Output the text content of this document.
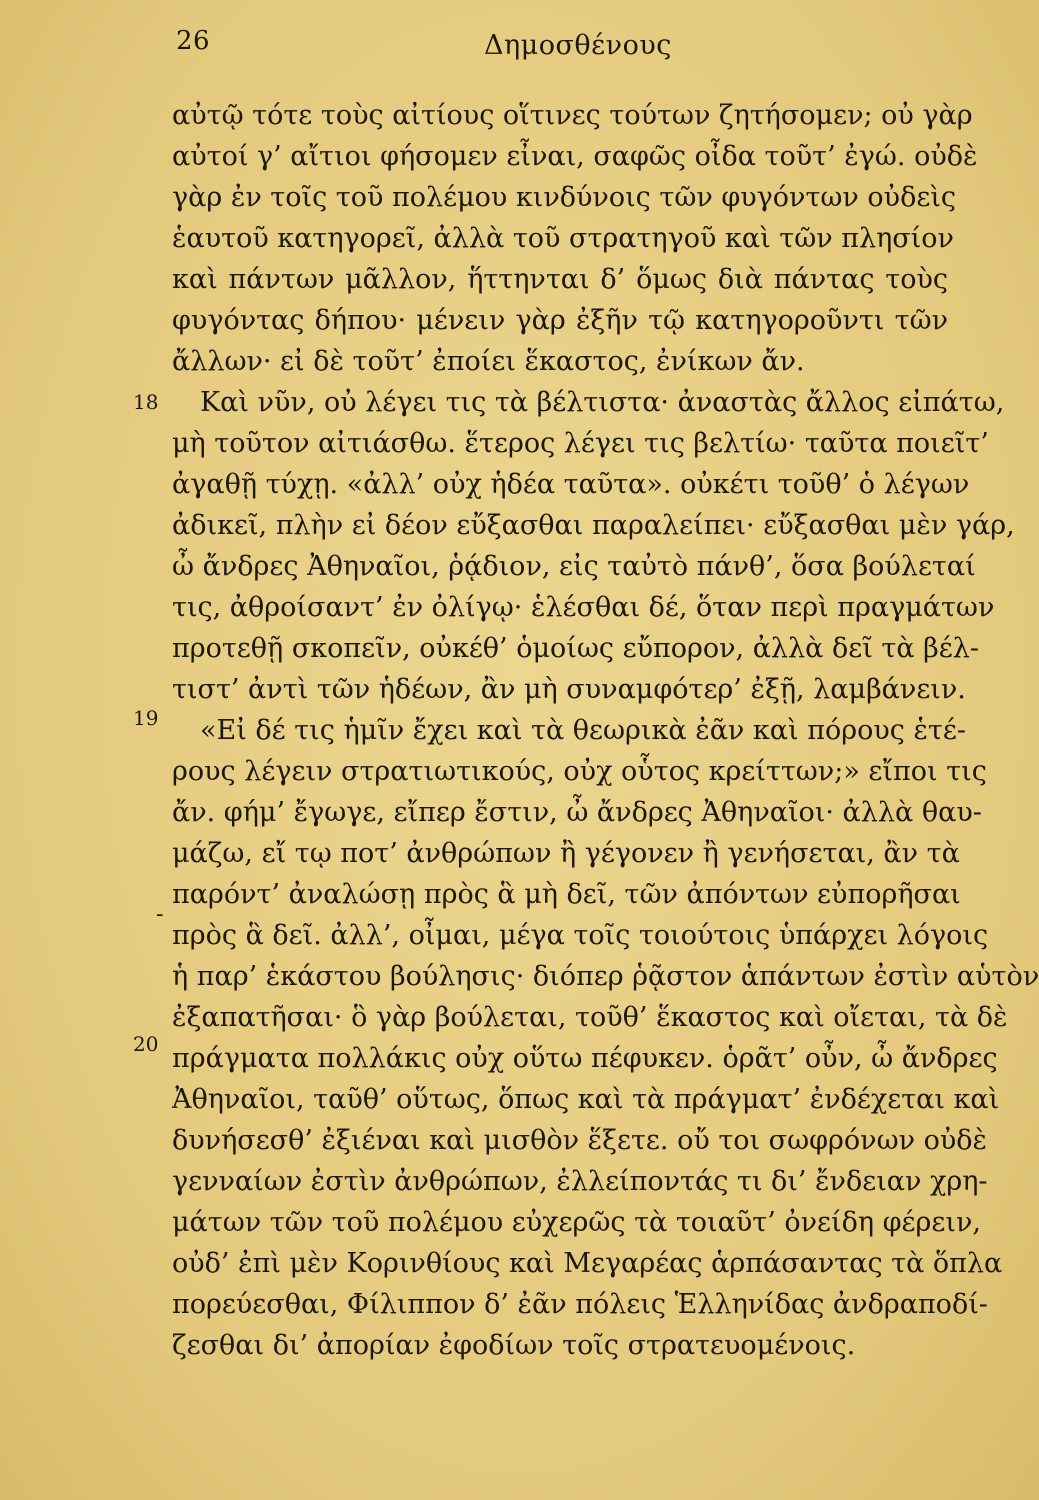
26	Δημοσθένους
18
19
20
-
αὐτῷ τότε τοὺς αἰτίους οἵτινες τούτων ζητήσομεν; οὐ γὰρ
αὐτοί γ’ αἴτιοι φήσομεν εἶναι, σαφῶς οἶδα τοῦτ’ ἐγώ. οὐδὲ
γὰρ ἐν τοῖς τοῦ πολέμου κινδύνοις τῶν φυγόντων οὐδεὶς
ἑαυτοῦ κατηγορεῖ, ἀλλὰ τοῦ στρατηγοῦ καὶ τῶν πλησίον
καὶ πάντων μᾶλλον, ἥττηνται δ’ ὅμως διὰ πάντας τοὺς
φυγόντας δήπου· μένειν γὰρ ἐξῆν τῷ κατηγοροῦντι τῶν
ἄλλων· εἰ δὲ τοῦτ’ ἐποίει ἕκαστος, ἐνίκων ἄν.
Καὶ νῦν, οὐ λέγει τις τὰ βέλτιστα· ἀναστὰς ἄλλος εἰπάτω,
μὴ τοῦτον αἰτιάσθω. ἕτερος λέγει τις βελτίω· ταῦτα ποιεῖτ’
ἀγαθῇ τύχῃ. «ἀλλ’ οὐχ ἡδέα ταῦτα». οὐκέτι τοῦθ’ ὁ λέγων
ἀδικεῖ, πλὴν εἰ δέον εὔξασθαι παραλείπει· εὔξασθαι μὲν γάρ,
ὦ ἄνδρες Ἀθηναῖοι, ῥᾴδιον, εἰς ταὐτὸ πάνθ’, ὅσα βούλεταί
τις, ἀθροίσαντ’ ἐν ὀλίγῳ· ἑλέσθαι δέ, ὅταν περὶ πραγμάτων
προτεθῇ σκοπεῖν, οὐκέθ’ ὁμοίως εὔπορον, ἀλλὰ δεῖ τὰ βέλ-
τιστ’ ἀντὶ τῶν ἡδέων, ἂν μὴ συναμφότερ’ ἐξῇ, λαμβάνειν.
«Εἰ δέ τις ἡμῖν ἔχει καὶ τὰ θεωρικὰ ἐᾶν καὶ πόρους ἑτέ-
ρους λέγειν στρατιωτικούς, οὐχ οὗτος κρείττων;» εἴποι τις
ἄν. φήμ’ ἔγωγε, εἴπερ ἔστιν, ὦ ἄνδρες Ἀθηναῖοι· ἀλλὰ θαυ-
μάζω, εἴ τῳ ποτ’ ἀνθρώπων ἢ γέγονεν ἢ γενήσεται, ἂν τὰ
παρόντ’ ἀναλώσῃ πρὸς ἃ μὴ δεῖ, τῶν ἀπόντων εὐπορῆσαι
πρὸς ἃ δεῖ. ἀλλ’, οἶμαι, μέγα τοῖς τοιούτοις ὑπάρχει λόγοις
ἡ παρ’ ἑκάστου βούλησις· διόπερ ῥᾷστον ἁπάντων ἐστὶν αὑτὸν
ἐξαπατῆσαι· ὃ γὰρ βούλεται, τοῦθ’ ἕκαστος καὶ οἴεται, τὰ δὲ
πράγματα πολλάκις οὐχ οὕτω πέφυκεν. ὁρᾶτ’ οὖν, ὦ ἄνδρες
Ἀθηναῖοι, ταῦθ’ οὕτως, ὅπως καὶ τὰ πράγματ’ ἐνδέχεται καὶ
δυνήσεσθ’ ἐξιέναι καὶ μισθὸν ἕξετε. οὔ τοι σωφρόνων οὐδὲ
γενναίων ἐστὶν ἀνθρώπων, ἐλλείποντάς τι δι’ ἔνδειαν χρη-
μάτων τῶν τοῦ πολέμου εὐχερῶς τὰ τοιαῦτ’ ὀνείδη φέρειν,
οὐδ’ ἐπὶ μὲν Κορινθίους καὶ Μεγαρέας ἁρπάσαντας τὰ ὅπλα
πορεύεσθαι, Φίλιππον δ’ ἐᾶν πόλεις Ἑλληνίδας ἀνδραποδί-
ζεσθαι δι’ ἀπορίαν ἐφοδίων τοῖς στρατευομένοις.
